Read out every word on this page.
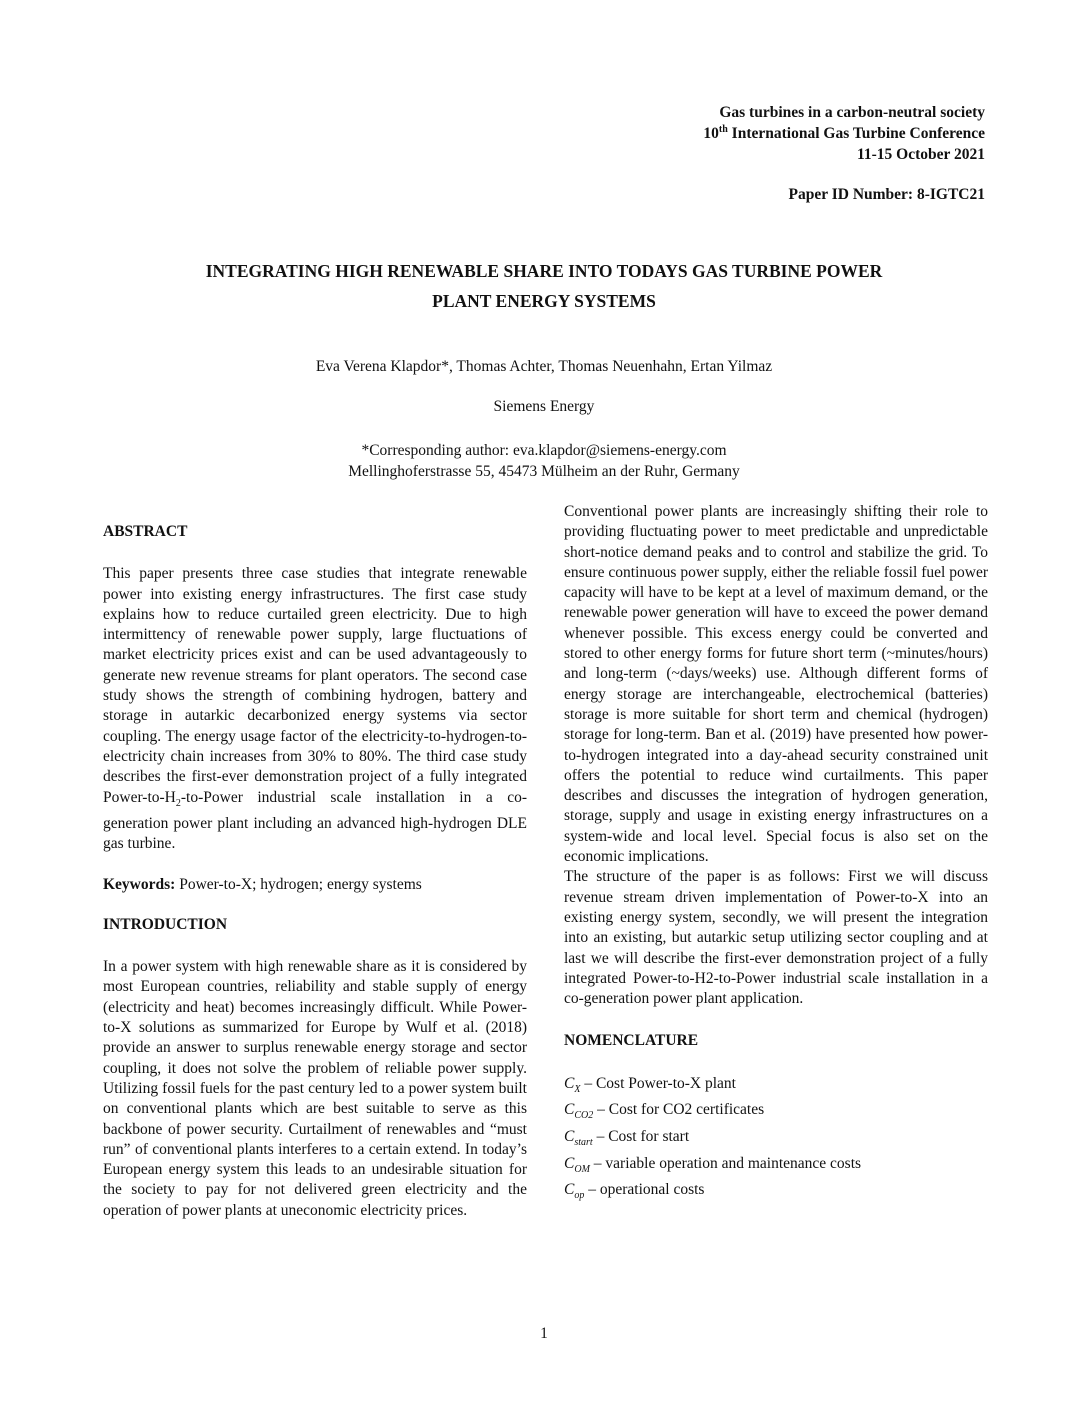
Gas turbines in a carbon-neutral society
10th International Gas Turbine Conference
11-15 October 2021
Paper ID Number: 8-IGTC21
INTEGRATING HIGH RENEWABLE SHARE INTO TODAYS GAS TURBINE POWER
PLANT ENERGY SYSTEMS
Eva Verena Klapdor*, Thomas Achter, Thomas Neuenhahn, Ertan Yilmaz
Siemens Energy
*Corresponding author: eva.klapdor@siemens-energy.com
Mellinghoferstrasse 55, 45473 Mülheim an der Ruhr, Germany
ABSTRACT

This paper presents three case studies that integrate renewable power into existing energy infrastructures. The first case study explains how to reduce curtailed green electricity. Due to high intermittency of renewable power supply, large fluctuations of market electricity prices exist and can be used advantageously to generate new revenue streams for plant operators. The second case study shows the strength of combining hydrogen, battery and storage in autarkic decarbonized energy systems via sector coupling. The energy usage factor of the electricity-to-hydrogen-to-electricity chain increases from 30% to 80%. The third case study describes the first-ever demonstration project of a fully integrated Power-$to-H_2-to$-Power industrial scale installation in a co-generation power plant including an advanced high-hydrogen DLE gas turbine.

Keywords: Power-to-X; hydrogen; energy systems

INTRODUCTION

In a power system with high renewable share as it is considered by most European countries, reliability and stable supply of energy (electricity and heat) becomes increasingly difficult. While Power-to-X solutions as summarized for Europe by Wulf et al. (2018) provide an answer to surplus renewable energy storage and sector coupling, it does not solve the problem of reliable power supply. Utilizing fossil fuels for the past century led to a power system built on conventional plants which are best suitable to serve as this backbone of power security. Curtailment of renewables and “must run” of conventional plants interferes to a certain extend. In today’s European energy system this leads to an undesirable situation for the society to pay for not delivered green electricity and the operation of power plants at uneconomic electricity prices.

Conventional power plants are increasingly shifting their role to providing fluctuating power to meet predictable and unpredictable short-notice demand peaks and to control and stabilize the grid. To ensure continuous power supply, either the reliable fossil fuel power capacity will have to be kept at a level of maximum demand, or the renewable power generation will have to exceed the power demand whenever possible. This excess energy could be converted and stored to other energy forms for future short term (~minutes/hours) and long-term (~days/weeks) use. Although different forms of energy storage are interchangeable, electrochemical (batteries) storage is more suitable for short term and chemical (hydrogen) storage for long-term. Ban et al. (2019) have presented how power-to-hydrogen integrated into a day-ahead security constrained unit offers the potential to reduce wind curtailments. This paper describes and discusses the integration of hydrogen generation, storage, supply and usage in existing energy infrastructures on a system-wide and local level. Special focus is also set on the economic implications.

The structure of the paper is as follows: First we will discuss revenue stream driven implementation of Power-to-X into an existing energy system, secondly, we will present the integration into an existing, but autarkic setup utilizing sector coupling and at last we will describe the first-ever demonstration project of a fully integrated Power-to-H2-to-Power industrial scale installation in a co-generation power plant application.

NOMENCLATURE
$C_X$ – Cost Power-to-X plant
$C_{CO2}$ – Cost for CO2 certificates
$C_{start}$ – Cost for start
$C_{OM}$ – variable operation and maintenance costs
$C_{op}$ – operational costs
1
